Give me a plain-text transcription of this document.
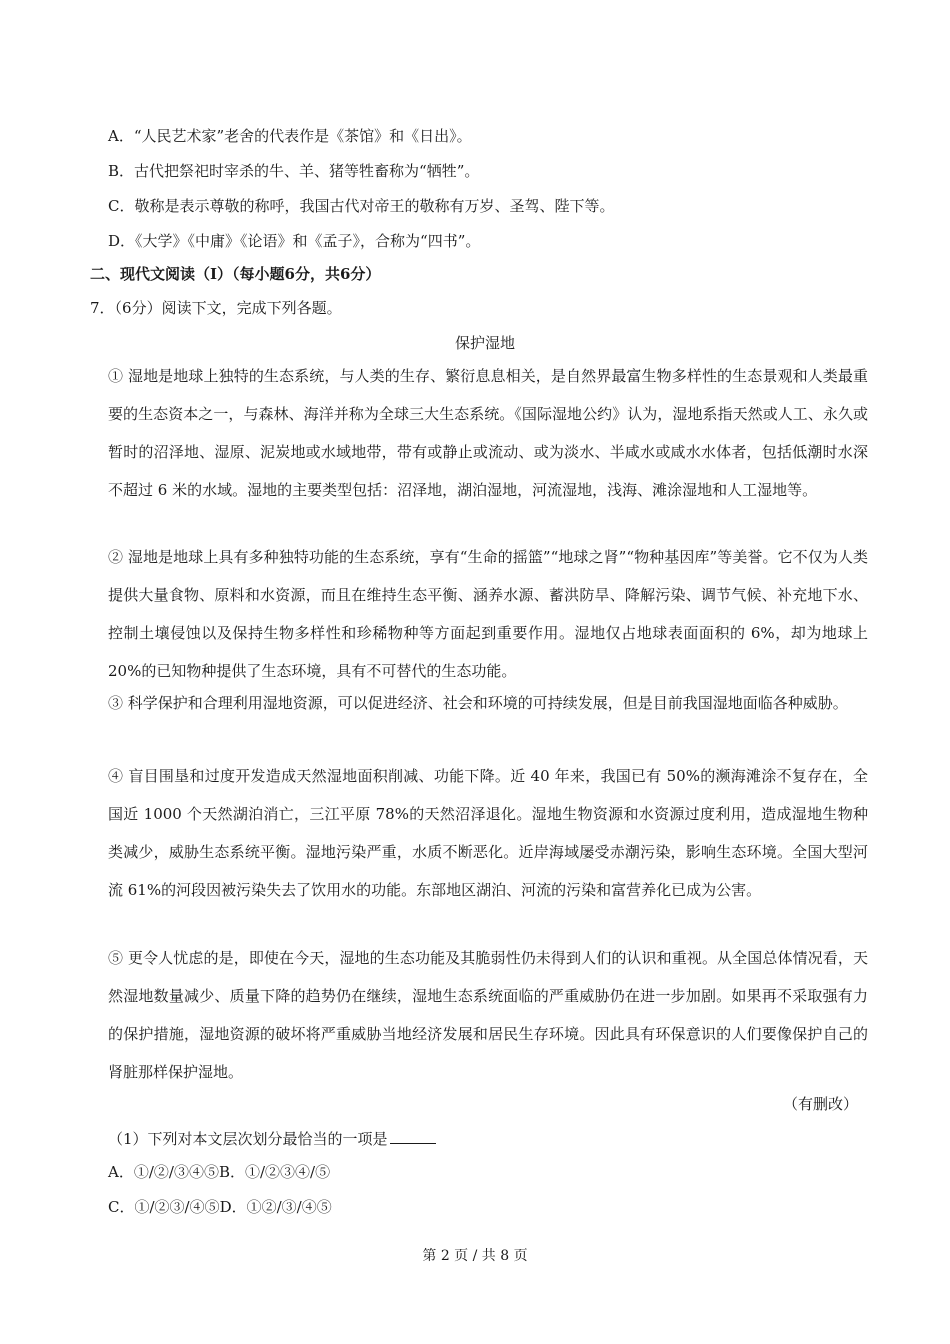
A．“人民艺术家”老舍的代表作是《茶馆》和《日出》。
B．古代把祭祀时宰杀的牛、羊、猪等牲畜称为“牺牲”。
C．敬称是表示尊敬的称呼，我国古代对帝王的敬称有万岁、圣驾、陛下等。
D．《大学》《中庸》《论语》和《孟子》，合称为“四书”。
二、现代文阅读（I）（每小题6分，共6分）
7．（6分）阅读下文，完成下列各题。
保护湿地
① 湿地是地球上独特的生态系统，与人类的生存、繁衍息息相关，是自然界最富生物多样性的生态景观和人类最重要的生态资本之一，与森林、海洋并称为全球三大生态系统。《国际湿地公约》认为，湿地系指天然或人工、永久或暂时的沼泽地、湿原、泥炭地或水域地带，带有或静止或流动、或为淡水、半咸水或咸水水体者，包括低潮时水深不超过 6 米的水域。湿地的主要类型包括：沼泽地，湖泊湿地，河流湿地，浅海、滩涂湿地和人工湿地等。
② 湿地是地球上具有多种独特功能的生态系统，享有“生命的摇篮”“地球之肾”“物种基因库”等美誉。它不仅为人类提供大量食物、原料和水资源，而且在维持生态平衡、涵养水源、蓄洪防旱、降解污染、调节气候、补充地下水、控制土壤侵蚀以及保持生物多样性和珍稀物种等方面起到重要作用。湿地仅占地球表面面积的 6%，却为地球上 20%的已知物种提供了生态环境，具有不可替代的生态功能。
③ 科学保护和合理利用湿地资源，可以促进经济、社会和环境的可持续发展，但是目前我国湿地面临各种威胁。
④ 盲目围垦和过度开发造成天然湿地面积削减、功能下降。近 40 年来，我国已有 50%的濒海滩涂不复存在，全国近 1000 个天然湖泊消亡，三江平原 78%的天然沼泽退化。湿地生物资源和水资源过度利用，造成湿地生物种类减少，威胁生态系统平衡。湿地污染严重，水质不断恶化。近岸海域屡受赤潮污染，影响生态环境。全国大型河流 61%的河段因被污染失去了饮用水的功能。东部地区湖泊、河流的污染和富营养化已成为公害。
⑤ 更令人忧虑的是，即使在今天，湿地的生态功能及其脆弱性仍未得到人们的认识和重视。从全国总体情况看，天然湿地数量减少、质量下降的趋势仍在继续，湿地生态系统面临的严重威胁仍在进一步加剧。如果再不采取强有力的保护措施，湿地资源的破坏将严重威胁当地经济发展和居民生存环境。因此具有环保意识的人们要像保护自己的肾脏那样保护湿地。
（有删改）
（1）下列对本文层次划分最恰当的一项是
A．①/②/③④⑤B．①/②③④/⑤
C．①/②③/④⑤D．①②/③/④⑤
第 2 页 / 共 8 页
